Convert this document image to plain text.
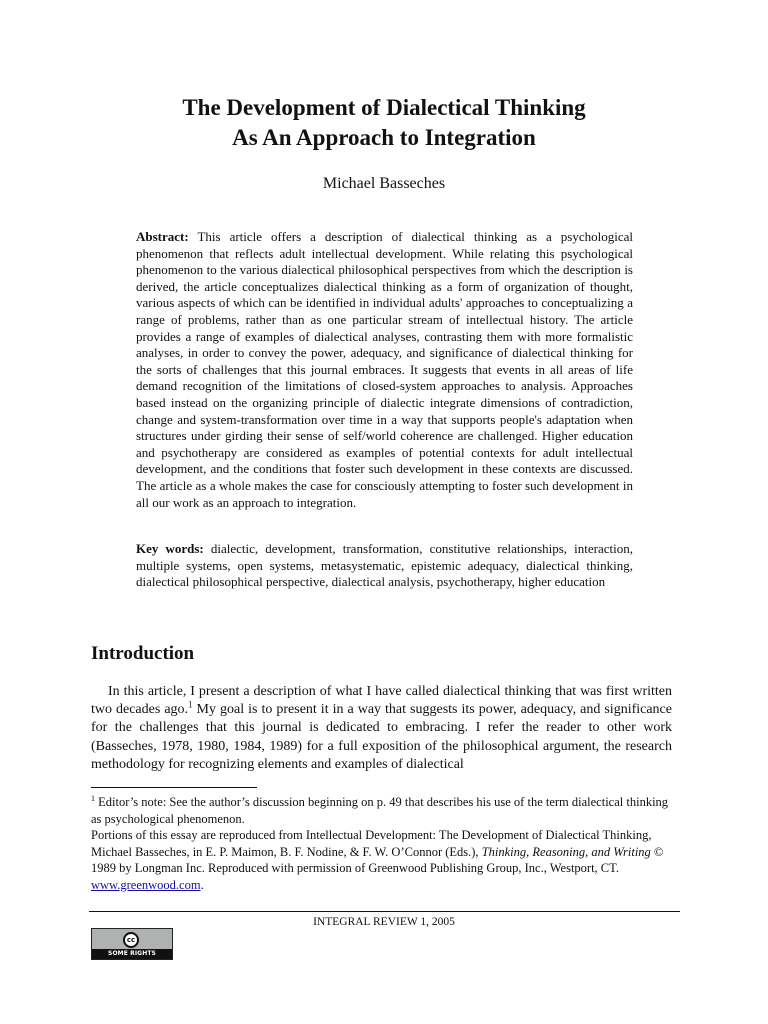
The Development of Dialectical Thinking
As An Approach to Integration

Michael Basseches

Abstract: This article offers a description of dialectical thinking as a psychological phenomenon that reflects adult intellectual development. While relating this psychological phenomenon to the various dialectical philosophical perspectives from which the description is derived, the article conceptualizes dialectical thinking as a form of organization of thought, various aspects of which can be identified in individual adults' approaches to conceptualizing a range of problems, rather than as one particular stream of intellectual history. The article provides a range of examples of dialectical analyses, contrasting them with more formalistic analyses, in order to convey the power, adequacy, and significance of dialectical thinking for the sorts of challenges that this journal embraces. It suggests that events in all areas of life demand recognition of the limitations of closed-system approaches to analysis. Approaches based instead on the organizing principle of dialectic integrate dimensions of contradiction, change and system-transformation over time in a way that supports people's adaptation when structures under girding their sense of self/world coherence are challenged. Higher education and psychotherapy are considered as examples of potential contexts for adult intellectual development, and the conditions that foster such development in these contexts are discussed. The article as a whole makes the case for consciously attempting to foster such development in all our work as an approach to integration.

Key words: dialectic, development, transformation, constitutive relationships, interaction, multiple systems, open systems, metasystematic, epistemic adequacy, dialectical thinking, dialectical philosophical perspective, dialectical analysis, psychotherapy, higher education

Introduction

In this article, I present a description of what I have called dialectical thinking that was first written two decades ago.$^1$ My goal is to present it in a way that suggests its power, adequacy, and significance for the challenges that this journal is dedicated to embracing. I refer the reader to other work (Basseches, 1978, 1980, 1984, 1989) for a full exposition of the philosophical argument, the research methodology for recognizing elements and examples of dialectical

$^1$ Editor’s note: See the author’s discussion beginning on p. 49 that describes his use of the term dialectical thinking as psychological phenomenon.
Portions of this essay are reproduced from Intellectual Development: The Development of Dialectical Thinking, Michael Basseches, in E. P. Maimon, B. F. Nodine, & F. W. O’Connor (Eds.), Thinking, Reasoning, and Writing © 1989 by Longman Inc. Reproduced with permission of Greenwood Publishing Group, Inc., Westport, CT. www.greenwood.com.

INTEGRAL REVIEW 1, 2005

cc
SOME RIGHTS RESERVED
